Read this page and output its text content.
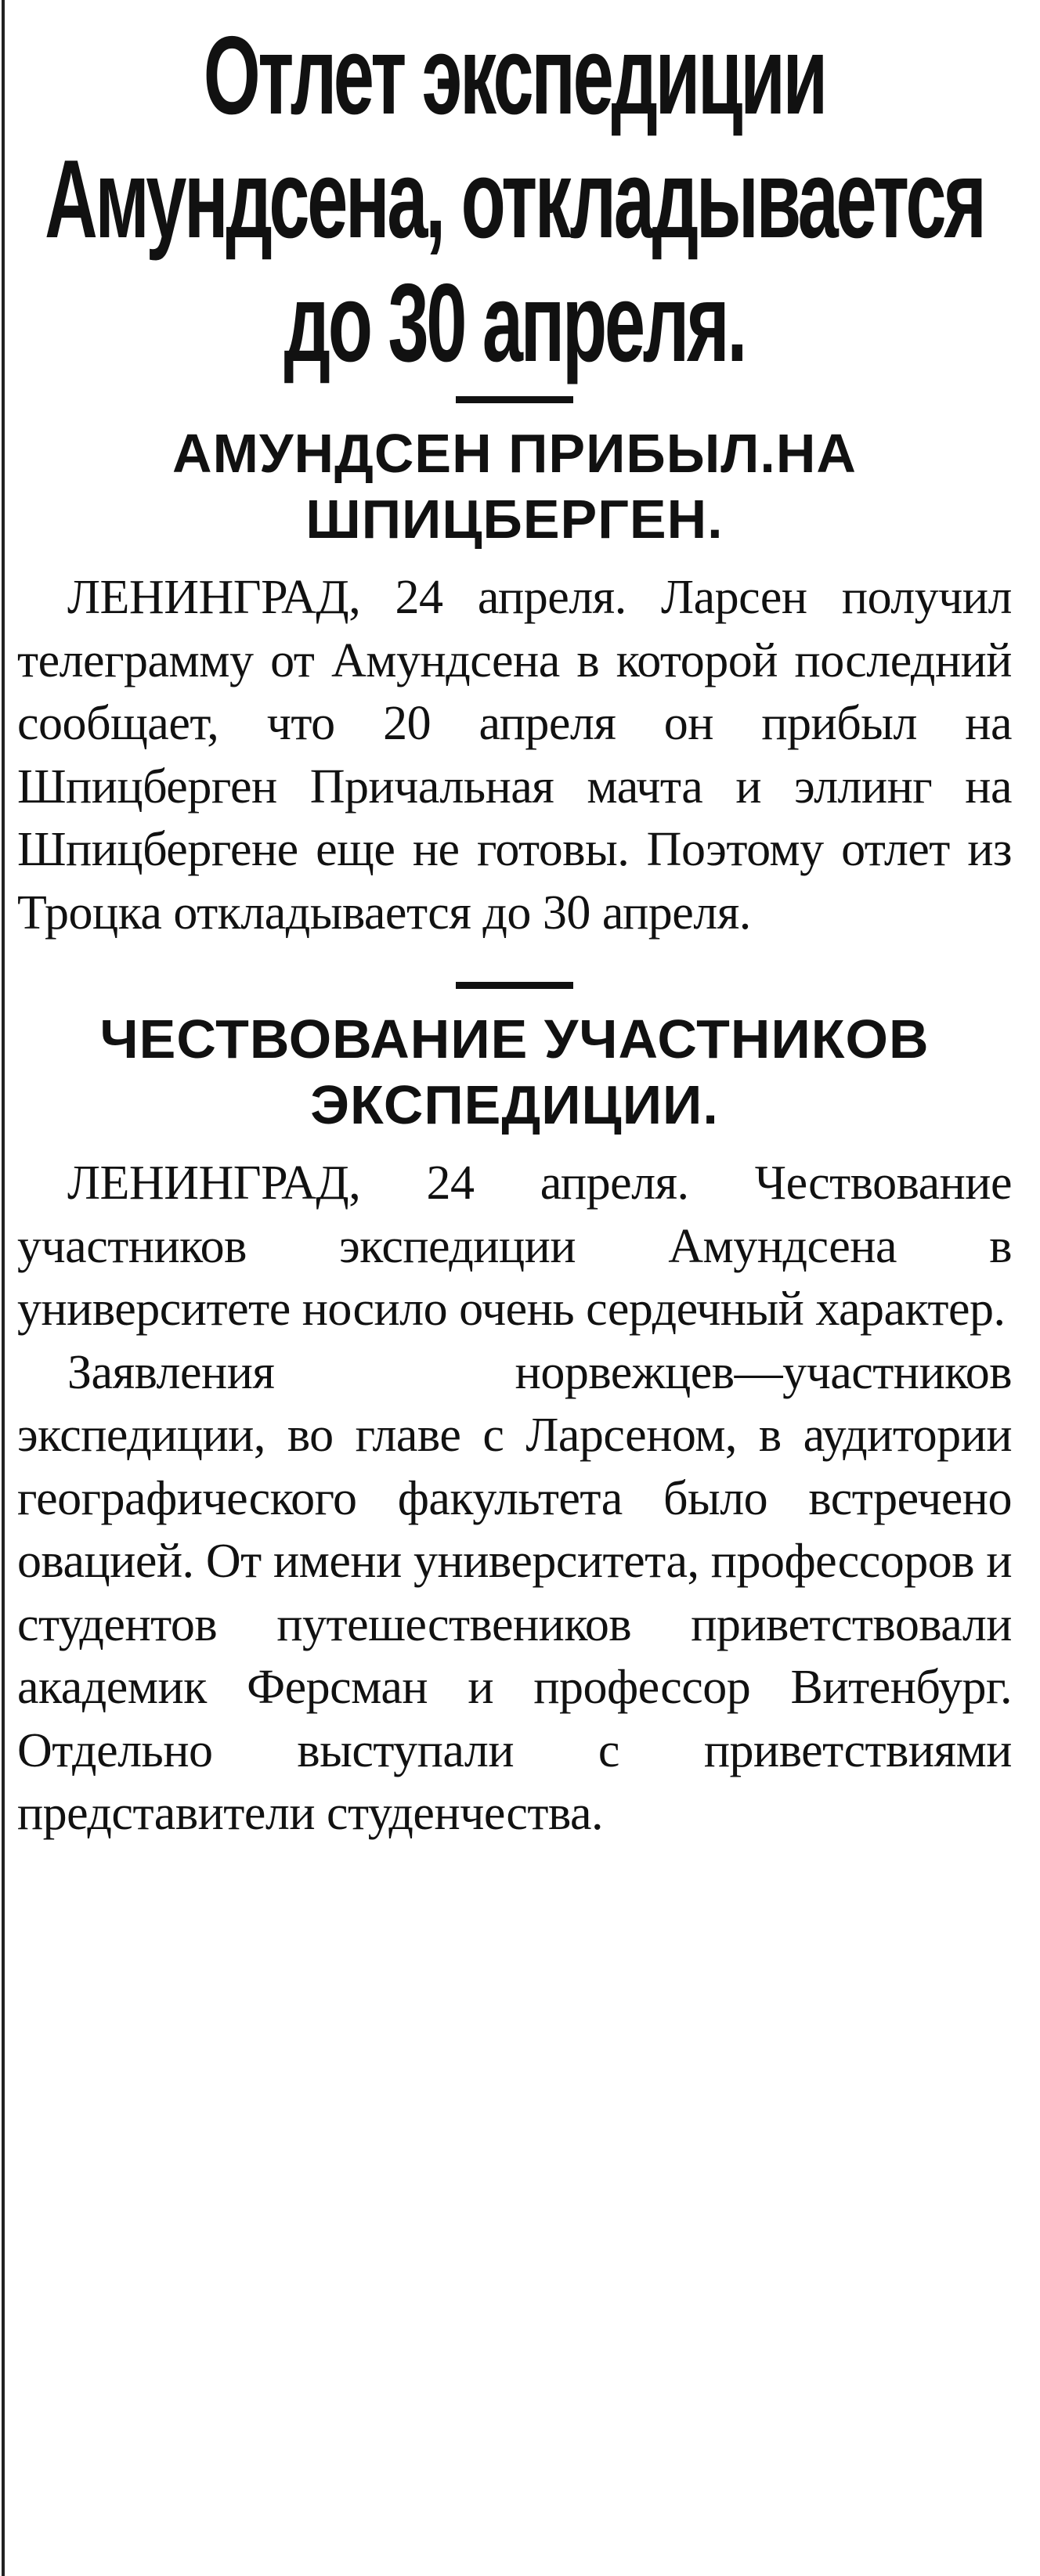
Отлет экспедиции Амундсена, откладывается до 30 апреля.
АМУНДСЕН ПРИБЫЛ.НА ШПИЦБЕРГЕН.

ЛЕНИНГРАД, 24 апреля. Ларсен получил телеграмму от Амундсена в которой последний сообщает, что 20 апреля он прибыл на Шпицберген Причальная мачта и эллинг на Шпицбергене еще не готовы. Поэтому отлет из Троцка откладывается до 30 апреля.

ЧЕСТВОВАНИЕ УЧАСТНИКОВ ЭКСПЕДИЦИИ.

ЛЕНИНГРАД, 24 апреля. Чествование участников экспедиции Амундсена в университете носило очень сердечный характер.

Заявления норвежцев—участников экспедиции, во главе с Ларсеном, в аудитории географического факультета было встречено овацией. От имени университета, профессоров и студентов путешествеников приветствовали академик Ферсман и профессор Витенбург. Отдельно выступали с приветствиями представители студенчества.
